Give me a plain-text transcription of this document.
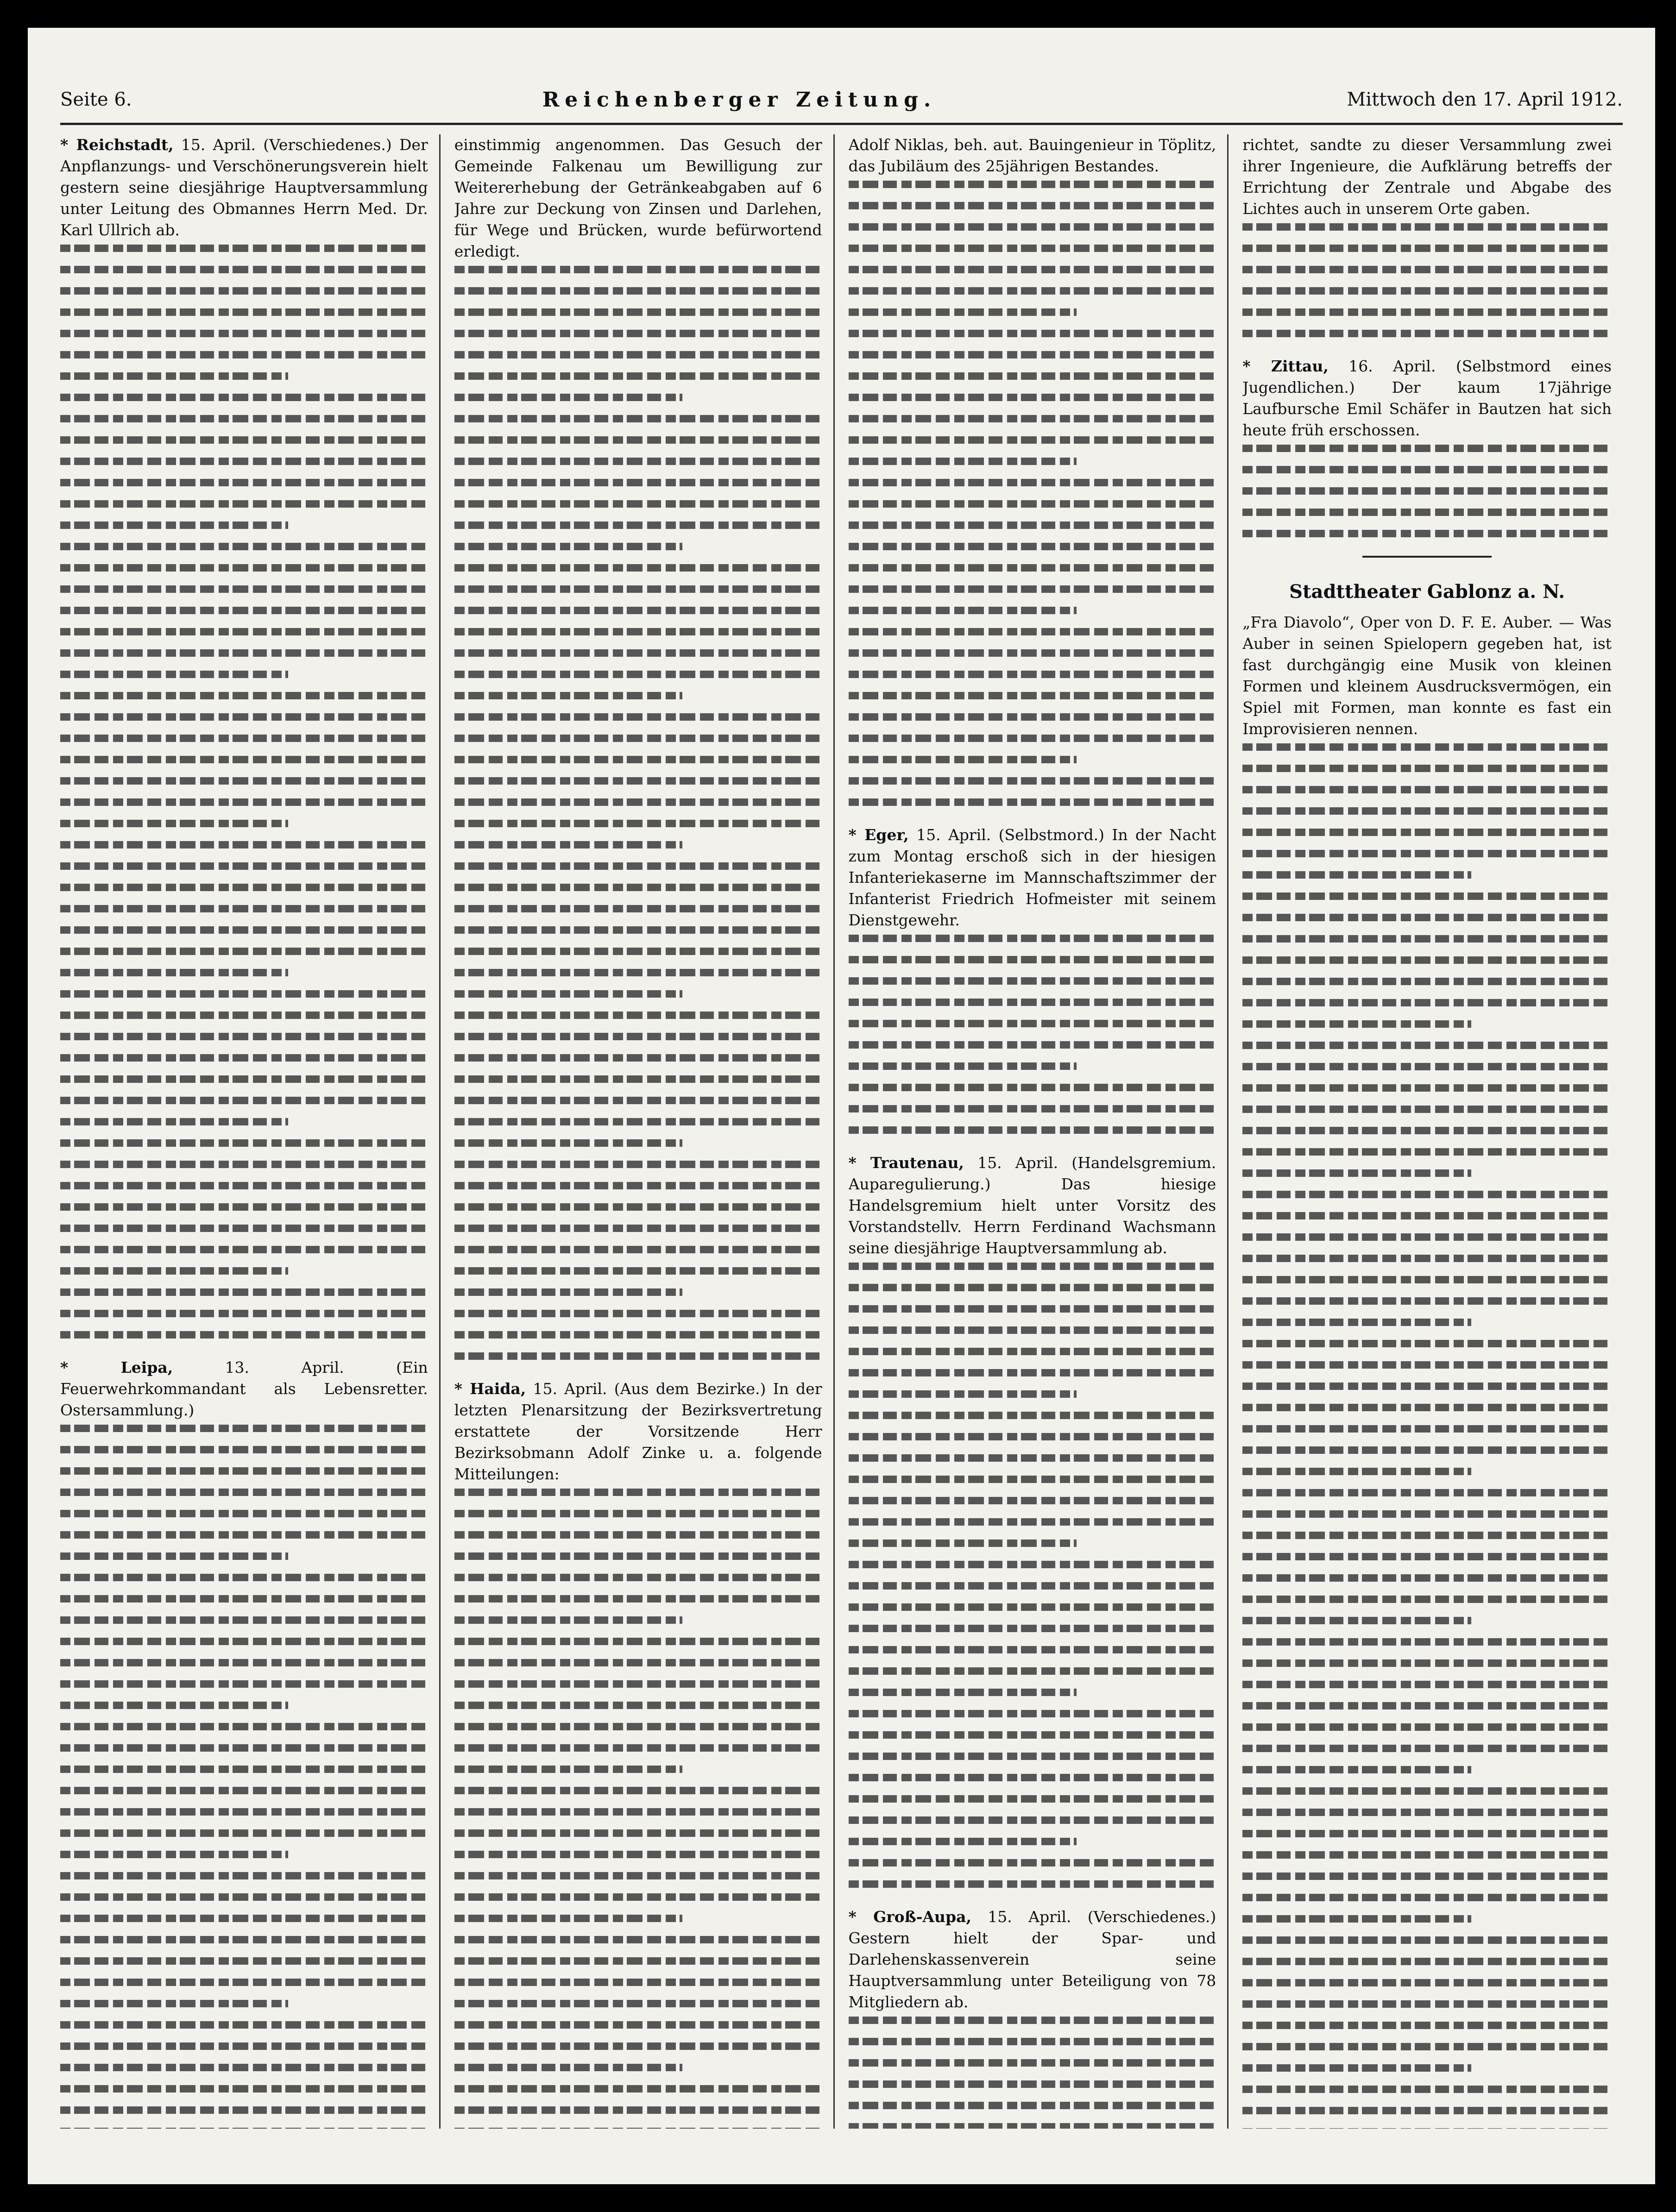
Seite 6.	Reichenberger Zeitung.	Mittwoch den 17. April 1912.
* Reichstadt, 15. April. (Verschiedenes.) Der Anpflanzungs- und Verschönerungsverein hielt gestern seine diesjährige Hauptversammlung unter Leitung des Obmannes Herrn Med. Dr. Karl Ullrich ab.
* Leipa,	13. April. (Ein Feuerwehrkommandant als Lebensretter. Ostersammlung.)
einstimmig angenommen. Das Gesuch der Gemeinde Falkenau um Bewilligung zur Weitererhebung der Getränkeabgaben auf 6 Jahre zur Deckung von Zinsen und Darlehen, für Wege und Brücken, wurde befürwortend erledigt.
* Haida, 15. April. (Aus dem Bezirke.) In der letzten Plenarsitzung der Bezirksvertretung erstattete der Vorsitzende Herr Bezirksobmann Adolf Zinke u. a. folgende Mitteilungen:
Adolf Niklas, beh. aut. Bauingenieur in Töplitz, das Jubiläum des 25jährigen Bestandes.
* Eger, 15. April. (Selbstmord.) In der Nacht zum Montag erschoß sich in der hiesigen Infanteriekaserne im Mannschaftszimmer der Infanterist Friedrich Hofmeister mit seinem Dienstgewehr.
* Trautenau, 15. April. (Handelsgremium. Auparegulierung.) Das hiesige Handelsgremium hielt unter Vorsitz des Vorstandstellv. Herrn Ferdinand Wachsmann seine diesjährige Hauptversammlung ab.
* Groß-Aupa, 15. April. (Verschiedenes.) Gestern hielt der Spar- und Darlehenskassenverein seine Hauptversammlung unter Beteiligung von 78 Mitgliedern ab.
richtet, sandte zu dieser Versammlung zwei ihrer Ingenieure, die Aufklärung betreffs der Errichtung der Zentrale und Abgabe des Lichtes auch in unserem Orte gaben.
* Zittau, 16. April. (Selbstmord eines Jugendlichen.) Der kaum 17jährige Laufbursche Emil Schäfer in Bautzen hat sich heute früh erschossen.
Stadttheater Gablonz a. N.
„Fra Diavolo“, Oper von D. F. E. Auber. — Was Auber in seinen Spielopern gegeben hat, ist fast durchgängig eine Musik von kleinen Formen und kleinem Ausdrucksvermögen, ein Spiel mit Formen, man konnte es fast ein Improvisieren nennen.
